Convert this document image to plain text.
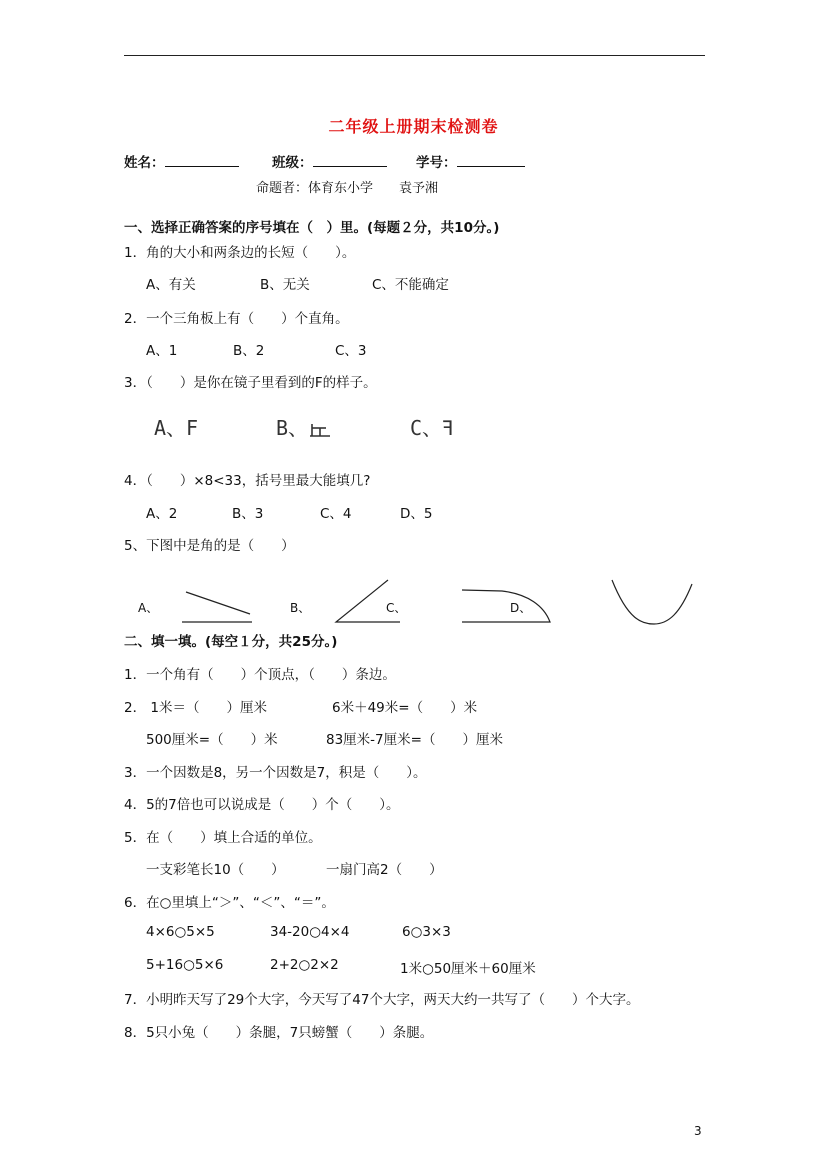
二年级上册期末检测卷
姓名：	班级：	学号：
命题者：体育东小学　　袁予湘
一、选择正确答案的序号填在（　）里。(每题２分，共10分。)
1．角的大小和两条边的长短（　　）。
A、有关	B、无关	C、不能确定
2．一个三角板上有（　　）个直角。
A、1	B、2	C、3
3．（　　）是你在镜子里看到的F的样子。
A、F	B、	C、ꟻ
4．（　　）×8<33，括号里最大能填几?
A、2	B、3	C、4	D、5
5、下图中是角的是（　　）
A、	B、	C、	D、
二、填一填。(每空１分，共25分。)
1．一个角有（　　）个顶点，（　　）条边。
2． 1米＝（　　）厘米	6米＋49米=（　　）米
500厘米=（　　）米	83厘米-7厘米=（　　）厘米
3．一个因数是8，另一个因数是7，积是（　　）。
4．5的7倍也可以说成是（　　）个（　　）。
5．在（　　）填上合适的单位。
一支彩笔长10（　　）	一扇门高2（　　）
6．在○里填上“＞”、“＜”、“＝”。
4×6○5×5	34-20○4×4	6○3×3
5+16○5×6	2+2○2×2	1米○50厘米＋60厘米
7．小明昨天写了29个大字，今天写了47个大字，两天大约一共写了（　　）个大字。
8．5只小兔（　　）条腿，7只螃蟹（　　）条腿。
3
